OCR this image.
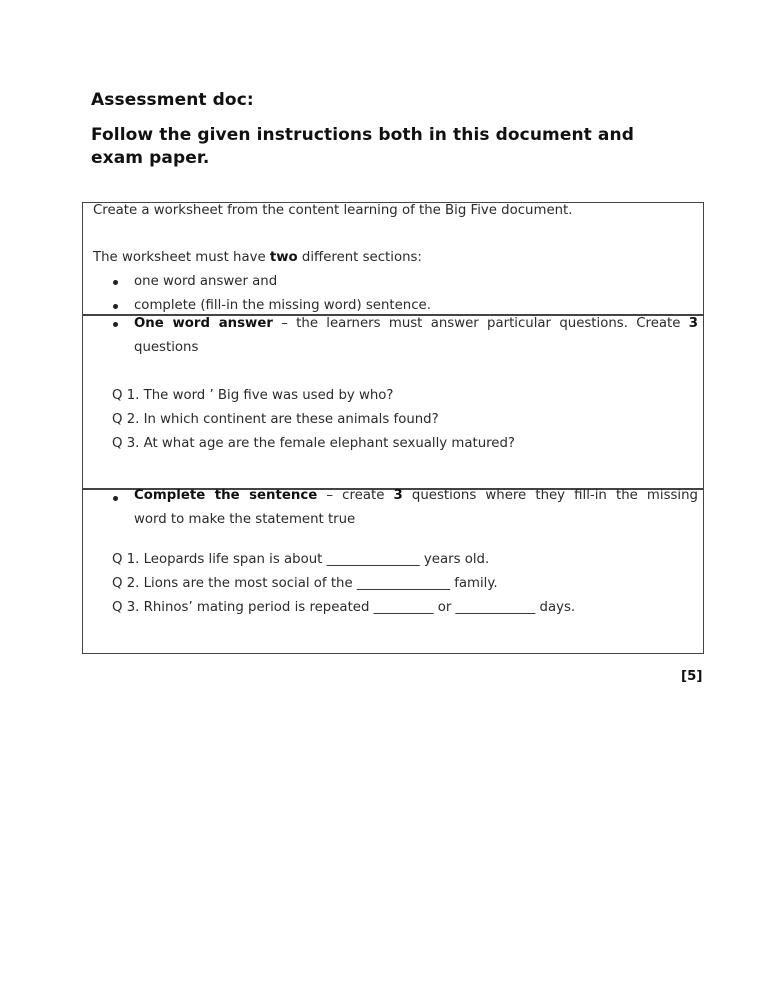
Assessment doc:
Follow the given instructions both in this document and exam paper.
Create a worksheet from the content learning of the Big Five document.
The worksheet must have two different sections:
one word answer and
complete (fill-in the missing word) sentence.
One word answer – the learners must answer particular questions. Create 3
questions
Q 1. The word ’ Big five was used by who?
Q 2. In which continent are these animals found?
Q 3. At what age are the female elephant sexually matured?
Complete the sentence – create 3 questions where they fill-in the missing
word to make the statement true
Q 1. Leopards life span is about ______________ years old.
Q 2. Lions are the most social of the ______________ family.
Q 3. Rhinos’ mating period is repeated _________ or ____________ days.
[5]
